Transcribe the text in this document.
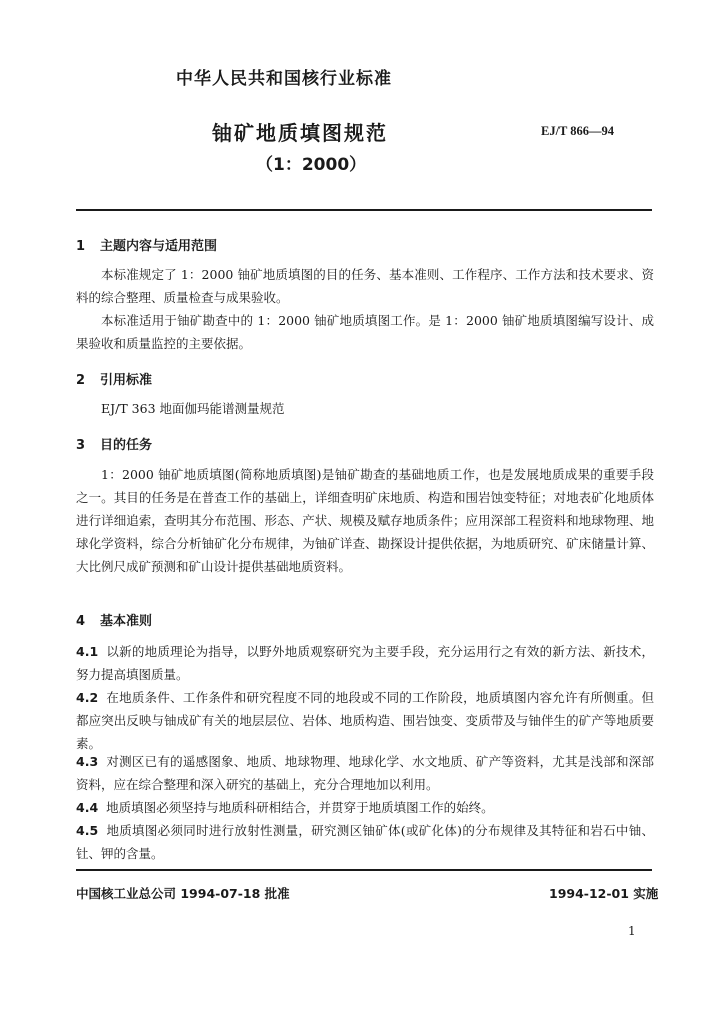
中华人民共和国核行业标准
铀矿地质填图规范	EJ/T 866—94
（1：2000）
1 主题内容与适用范围
本标准规定了 1：2000 铀矿地质填图的目的任务、基本准则、工作程序、工作方法和技术要求、资料的综合整理、质量检查与成果验收。
本标准适用于铀矿勘查中的 1：2000 铀矿地质填图工作。是 1：2000 铀矿地质填图编写设计、成果验收和质量监控的主要依据。
2 引用标准
EJ/T 363 地面伽玛能谱测量规范
3 目的任务
1：2000 铀矿地质填图(简称地质填图)是铀矿勘查的基础地质工作，也是发展地质成果的重要手段之一。其目的任务是在普查工作的基础上，详细查明矿床地质、构造和围岩蚀变特征；对地表矿化地质体进行详细追索，查明其分布范围、形态、产状、规模及赋存地质条件；应用深部工程资料和地球物理、地球化学资料，综合分析铀矿化分布规律，为铀矿详查、勘探设计提供依据，为地质研究、矿床储量计算、大比例尺成矿预测和矿山设计提供基础地质资料。
4 基本准则
4.1 以新的地质理论为指导，以野外地质观察研究为主要手段，充分运用行之有效的新方法、新技术，努力提高填图质量。
4.2 在地质条件、工作条件和研究程度不同的地段或不同的工作阶段，地质填图内容允许有所侧重。但都应突出反映与铀成矿有关的地层层位、岩体、地质构造、围岩蚀变、变质带及与铀伴生的矿产等地质要素。
4.3 对测区已有的遥感图象、地质、地球物理、地球化学、水文地质、矿产等资料，尤其是浅部和深部资料，应在综合整理和深入研究的基础上，充分合理地加以利用。
4.4 地质填图必须坚持与地质科研相结合，并贯穿于地质填图工作的始终。
4.5 地质填图必须同时进行放射性测量，研究测区铀矿体(或矿化体)的分布规律及其特征和岩石中铀、钍、钾的含量。
中国核工业总公司 1994-07-18 批准	1994-12-01 实施
1
